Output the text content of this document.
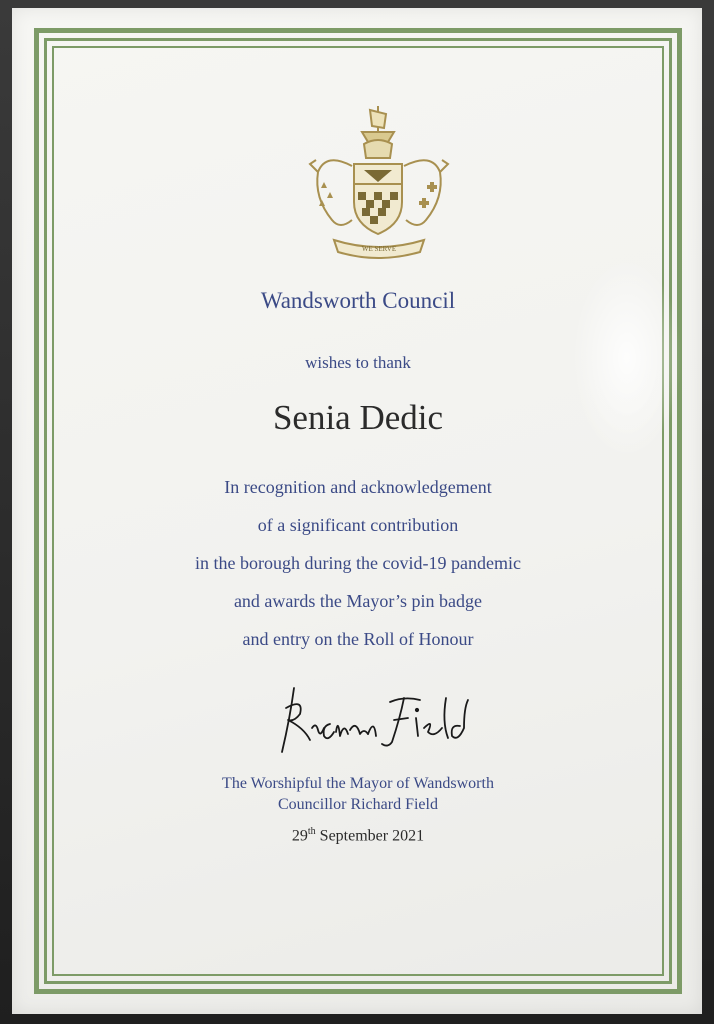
WE SERVE
Wandsworth Council
wishes to thank
Senia Dedic
In recognition and acknowledgement
of a significant contribution
in the borough during the covid-19 pandemic
and awards the Mayor’s pin badge
and entry on the Roll of Honour
The Worshipful the Mayor of Wandsworth
Councillor Richard Field
29th September 2021
